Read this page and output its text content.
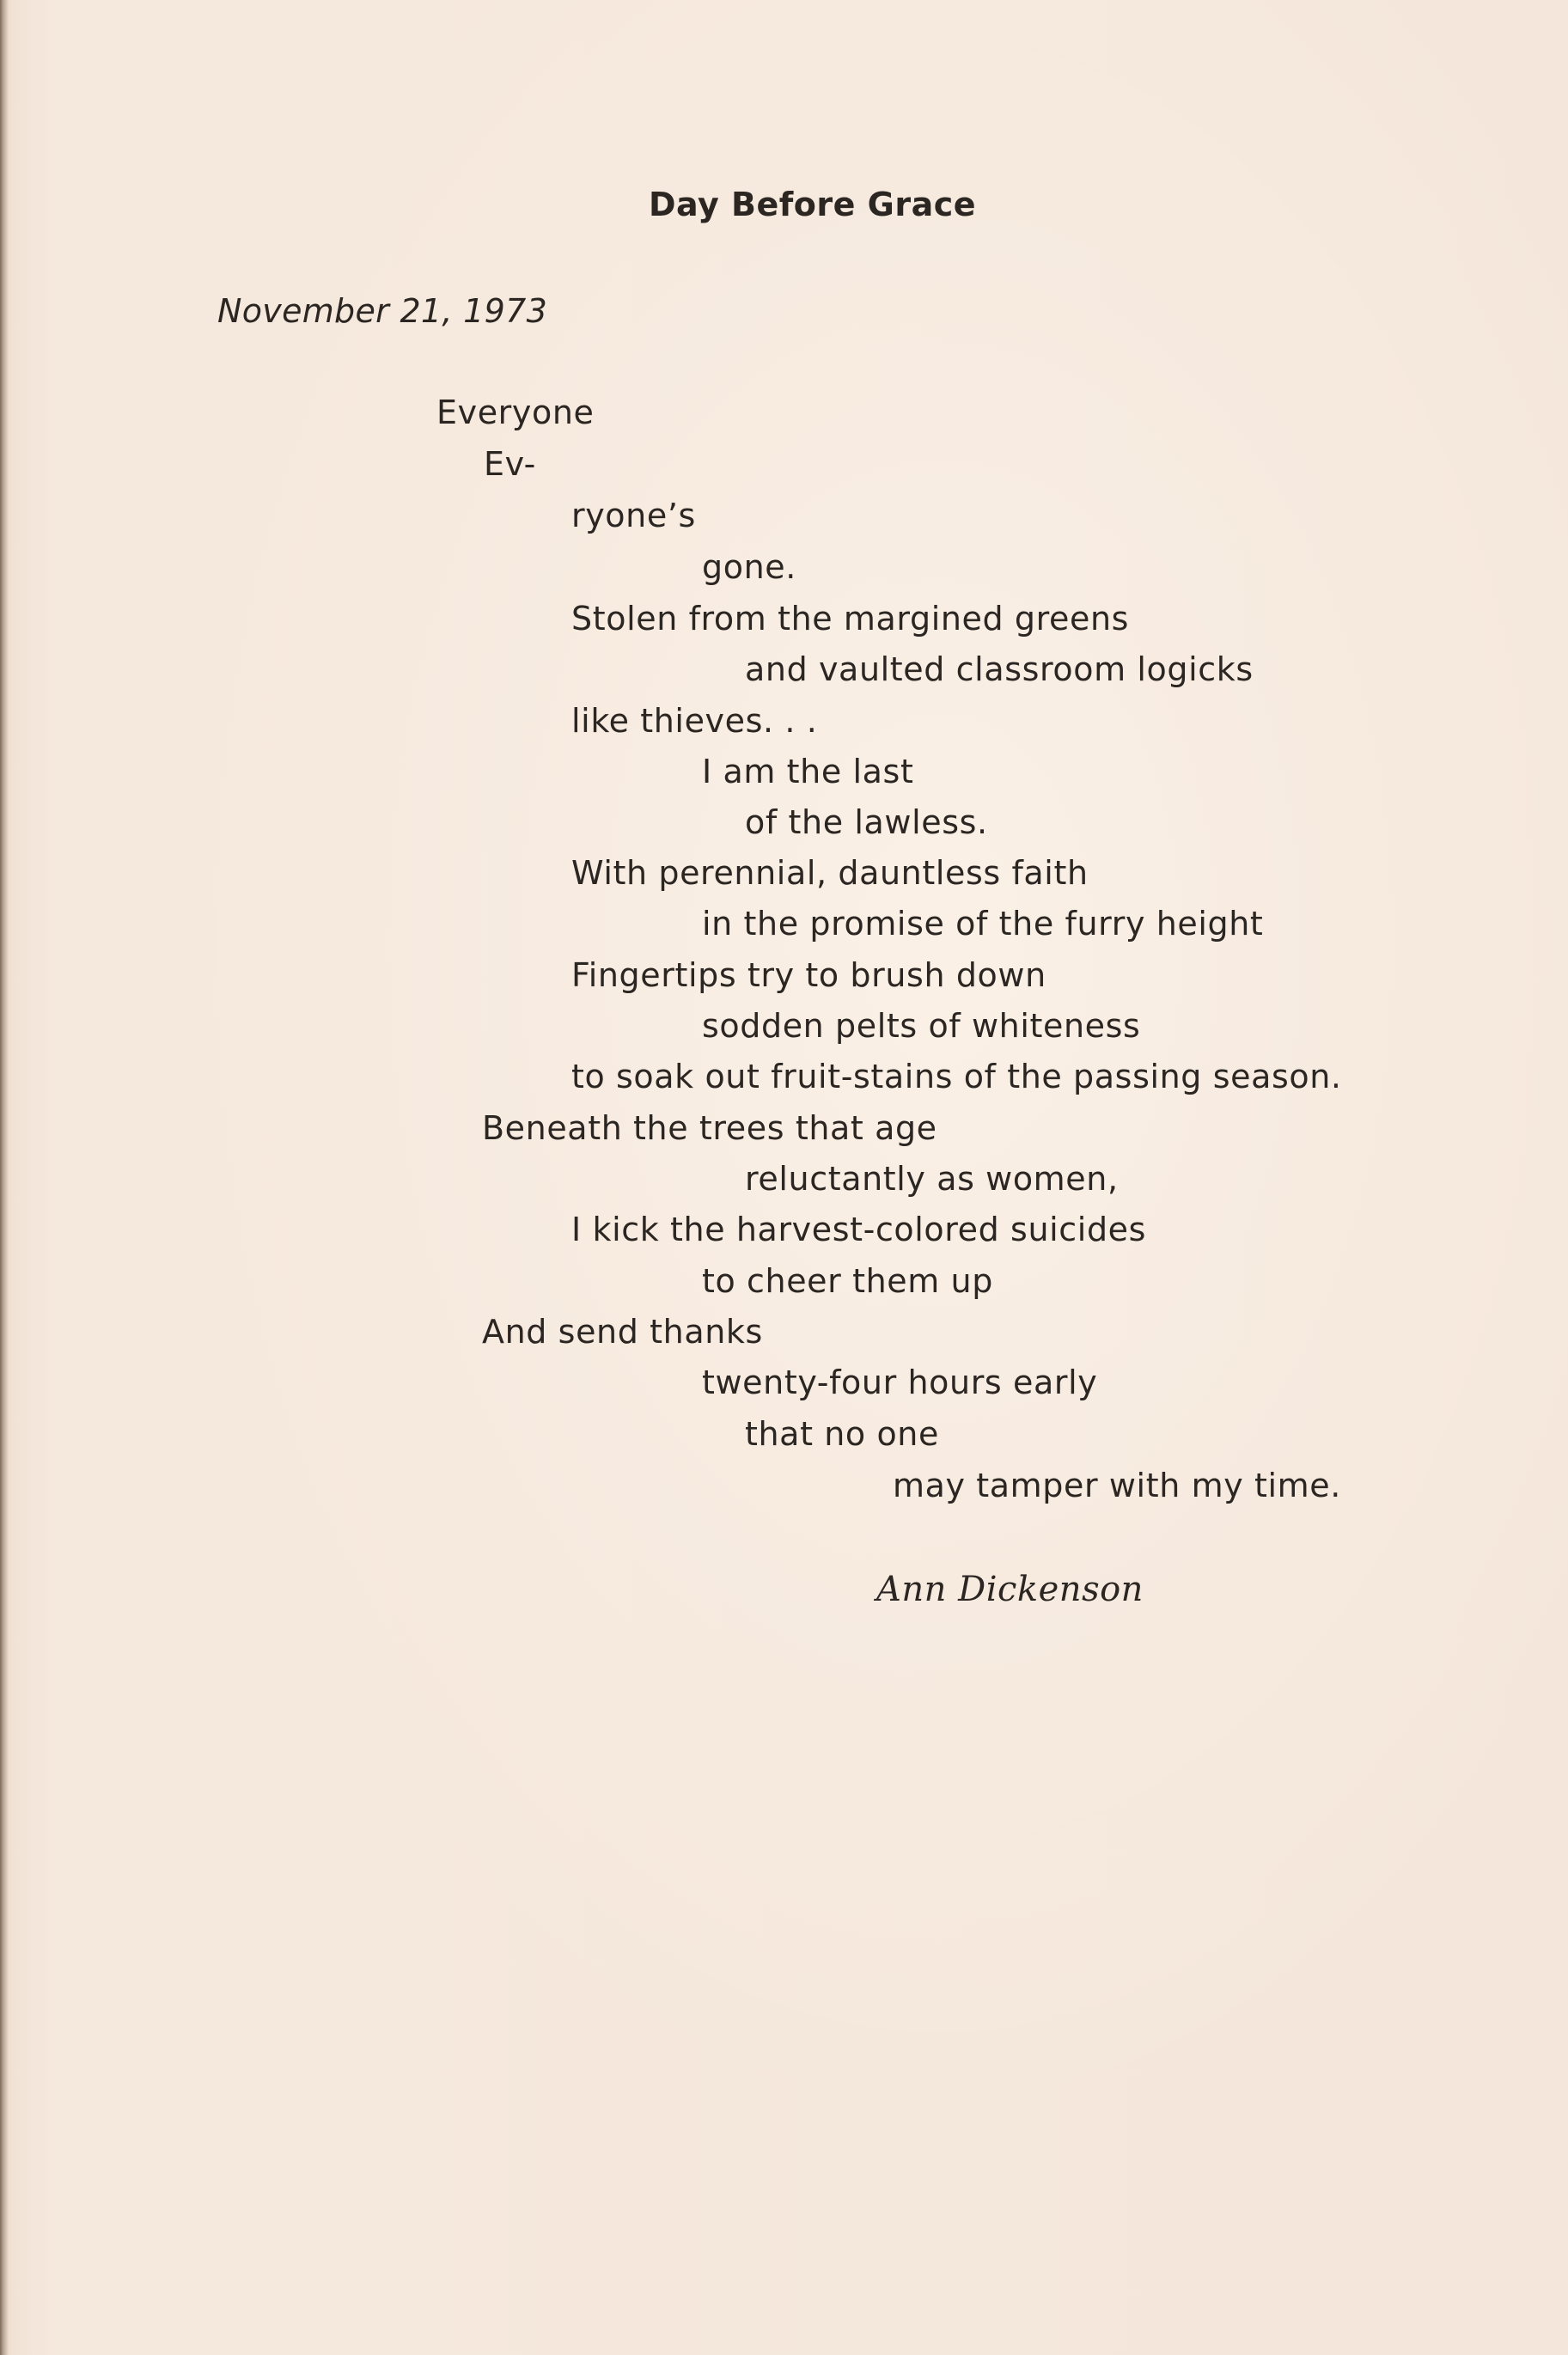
Day Before Grace
November 21, 1973
Everyone
Ev-
ryone’s
gone.
Stolen from the margined greens
and vaulted classroom logicks
like thieves. . .
I am the last
of the lawless.
With perennial, dauntless faith
in the promise of the furry height
Fingertips try to brush down
sodden pelts of whiteness
to soak out fruit-stains of the passing season.
Beneath the trees that age
reluctantly as women,
I kick the harvest-colored suicides
to cheer them up
And send thanks
twenty-four hours early
that no one
may tamper with my time.
Ann Dickenson
